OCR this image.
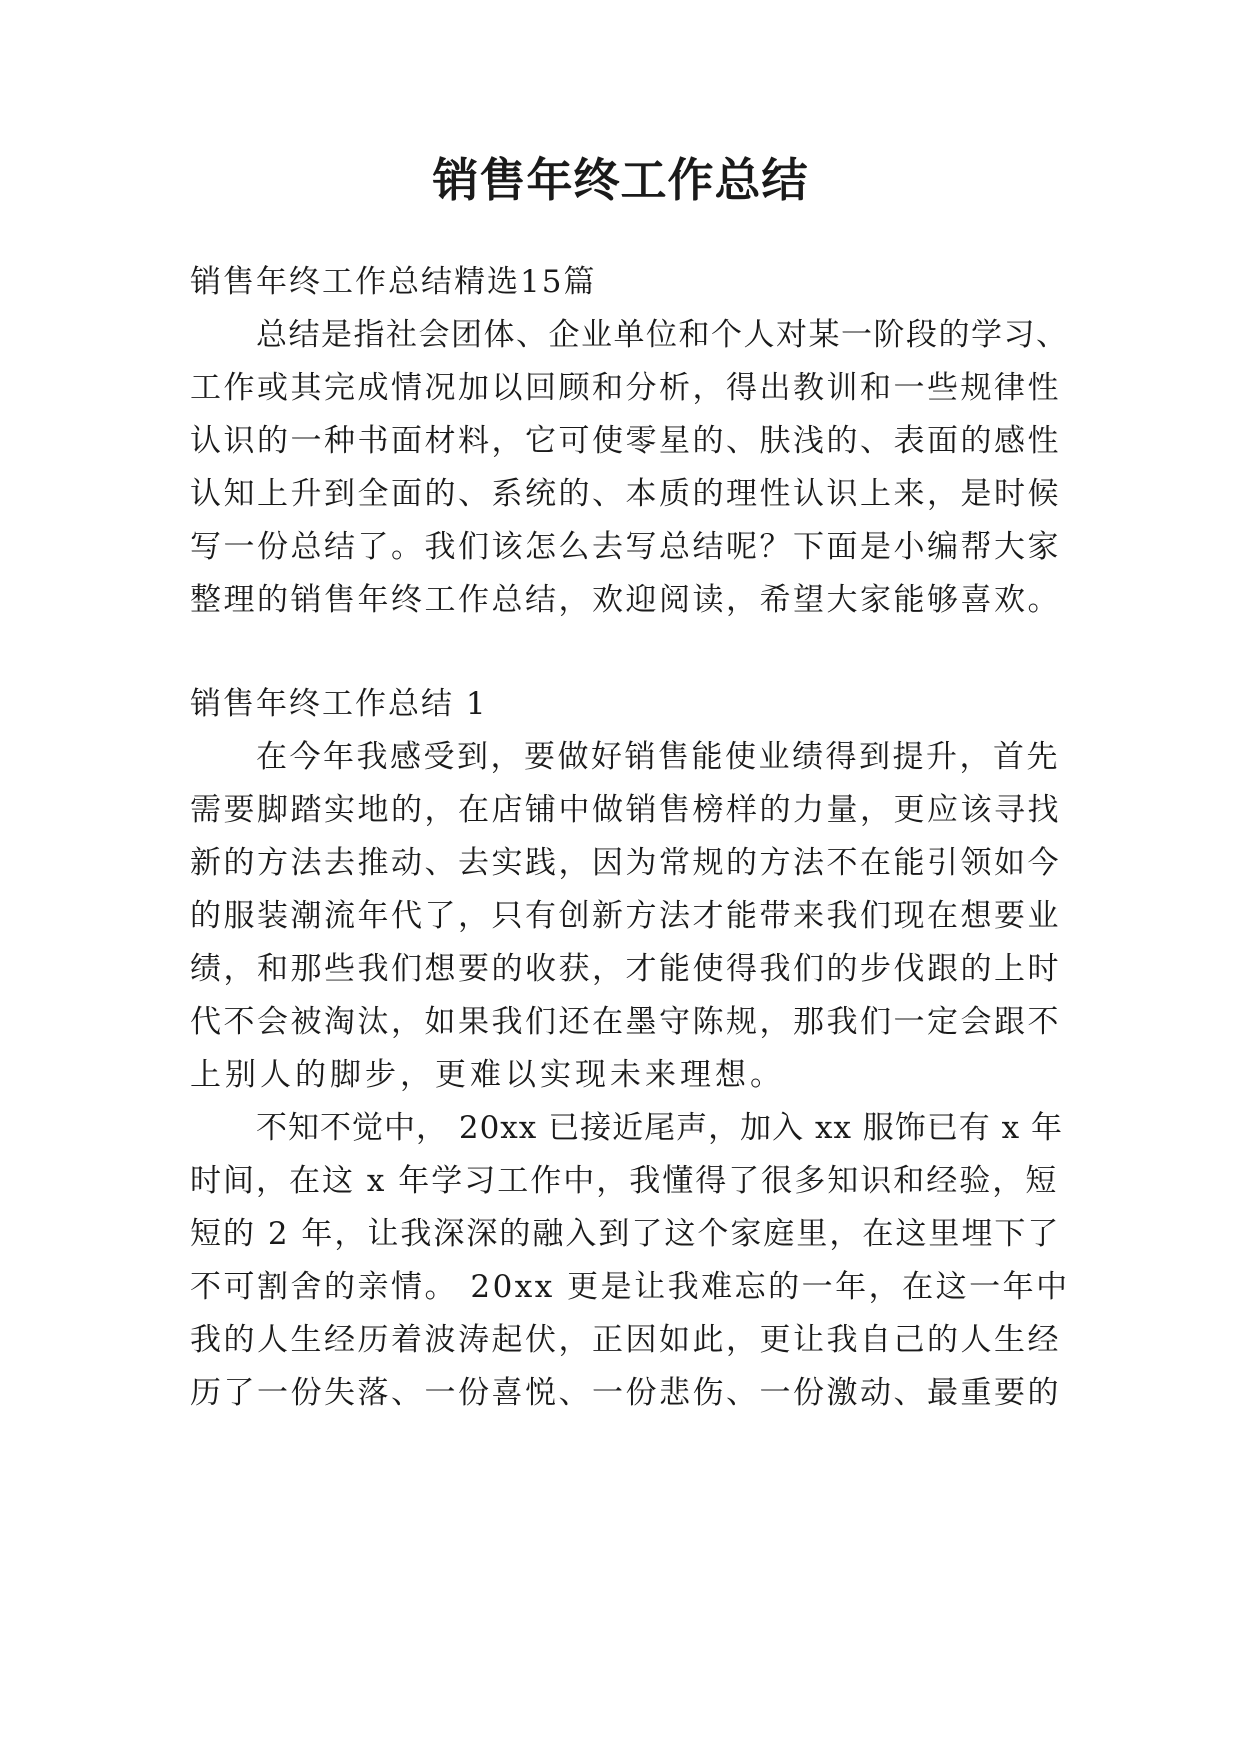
销售年终工作总结

销售年终工作总结精选15篇

总结是指社会团体、企业单位和个人对某一阶段的学习、

工作或其完成情况加以回顾和分析，得出教训和一些规律性

认识的一种书面材料，它可使零星的、肤浅的、表面的感性

认知上升到全面的、系统的、本质的理性认识上来，是时候

写一份总结了。我们该怎么去写总结呢？下面是小编帮大家

整理的销售年终工作总结，欢迎阅读，希望大家能够喜欢。

销售年终工作总结 1

在今年我感受到，要做好销售能使业绩得到提升，首先

需要脚踏实地的，在店铺中做销售榜样的力量，更应该寻找

新的方法去推动、去实践，因为常规的方法不在能引领如今

的服装潮流年代了，只有创新方法才能带来我们现在想要业

绩，和那些我们想要的收获，才能使得我们的步伐跟的上时

代不会被淘汰，如果我们还在墨守陈规，那我们一定会跟不

上别人的脚步，更难以实现未来理想。

不知不觉中， 20xx 已接近尾声，加入 xx 服饰已有 x 年

时间，在这 x 年学习工作中，我懂得了很多知识和经验，短

短的 2 年，让我深深的融入到了这个家庭里，在这里埋下了

不可割舍的亲情。 20xx 更是让我难忘的一年，在这一年中

我的人生经历着波涛起伏，正因如此，更让我自己的人生经

历了一份失落、一份喜悦、一份悲伤、一份激动、最重要的
